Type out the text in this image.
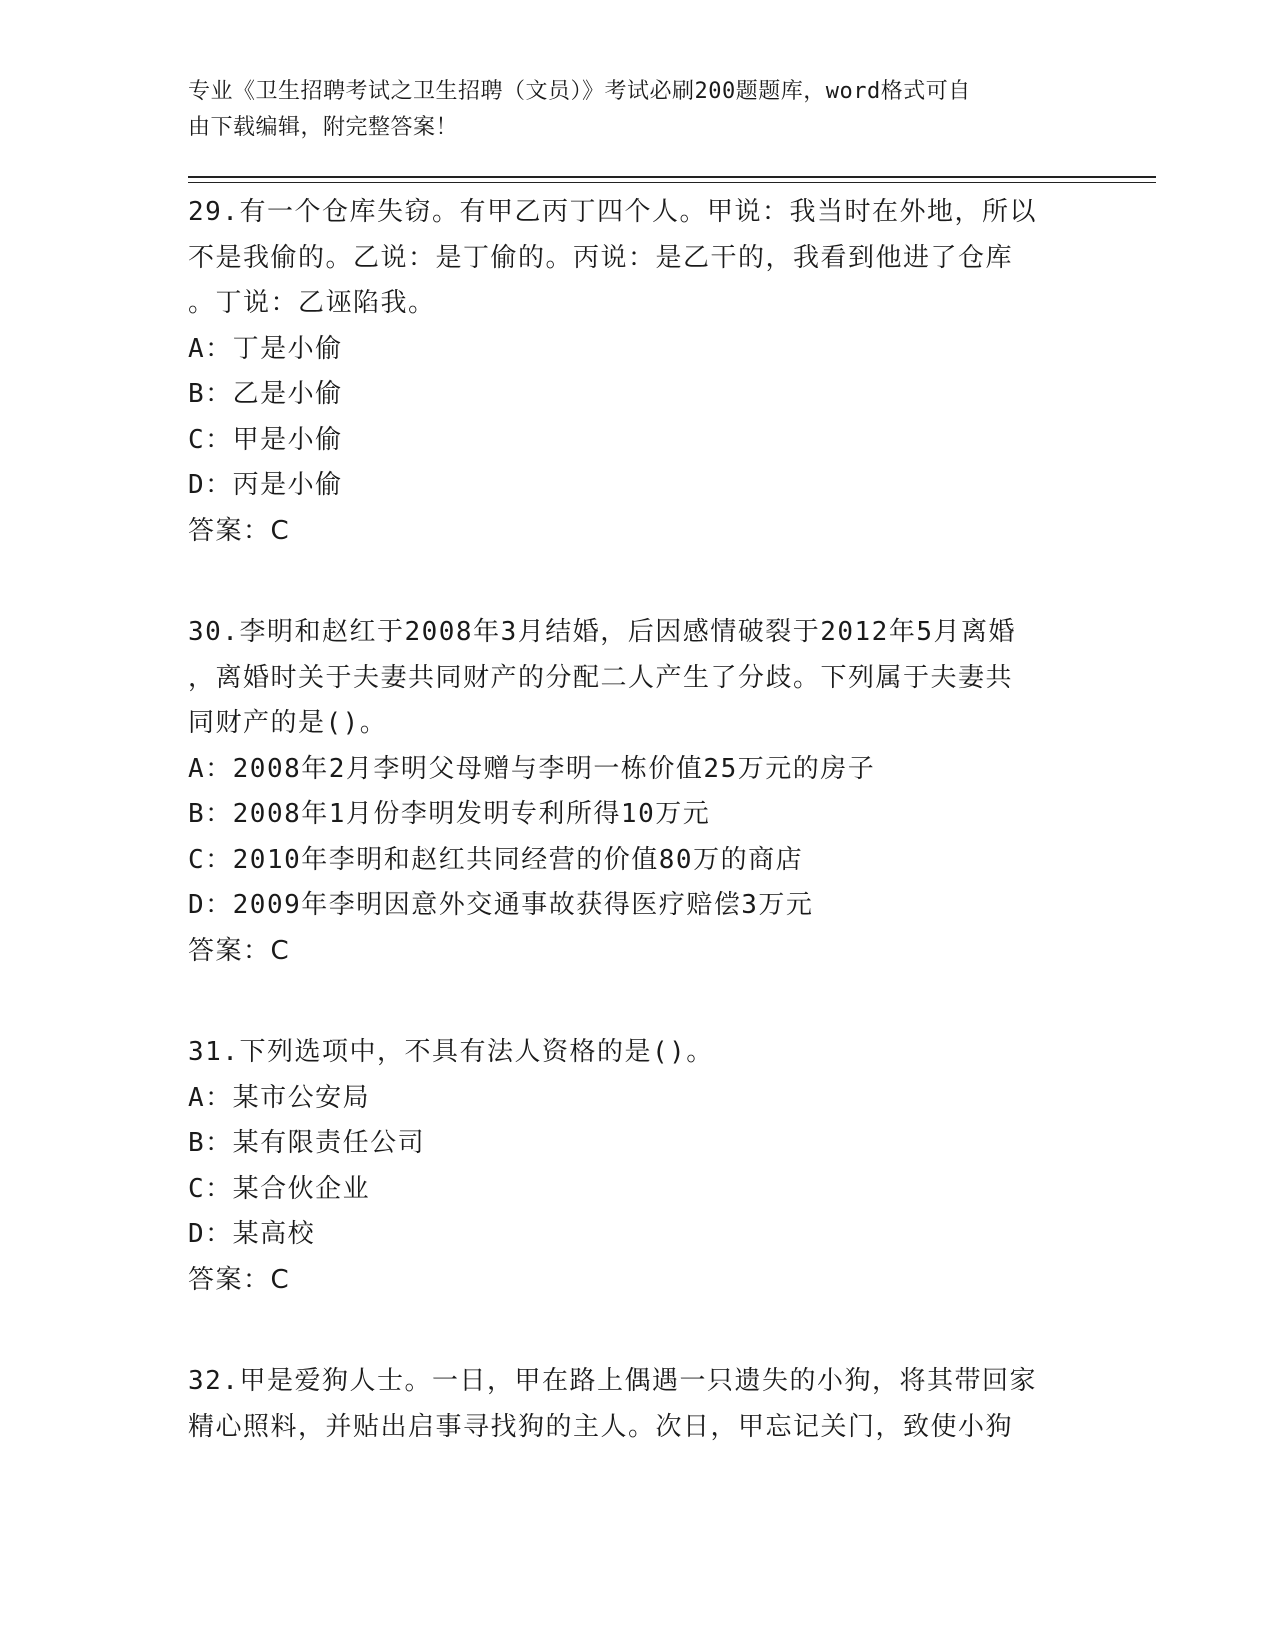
专业《卫生招聘考试之卫生招聘（文员）》考试必刷200题题库，word格式可自
由下载编辑，附完整答案！
29.有一个仓库失窃。有甲乙丙丁四个人。甲说：我当时在外地，所以
不是我偷的。乙说：是丁偷的。丙说：是乙干的，我看到他进了仓库
。丁说：乙诬陷我。
A：丁是小偷
B：乙是小偷
C：甲是小偷
D：丙是小偷
答案：C
30.李明和赵红于2008年3月结婚，后因感情破裂于2012年5月离婚
，离婚时关于夫妻共同财产的分配二人产生了分歧。下列属于夫妻共
同财产的是()。
A：2008年2月李明父母赠与李明一栋价值25万元的房子
B：2008年1月份李明发明专利所得10万元
C：2010年李明和赵红共同经营的价值80万的商店
D：2009年李明因意外交通事故获得医疗赔偿3万元
答案：C
31.下列选项中，不具有法人资格的是()。
A：某市公安局
B：某有限责任公司
C：某合伙企业
D：某高校
答案：C
32.甲是爱狗人士。一日，甲在路上偶遇一只遗失的小狗，将其带回家
精心照料，并贴出启事寻找狗的主人。次日，甲忘记关门，致使小狗
